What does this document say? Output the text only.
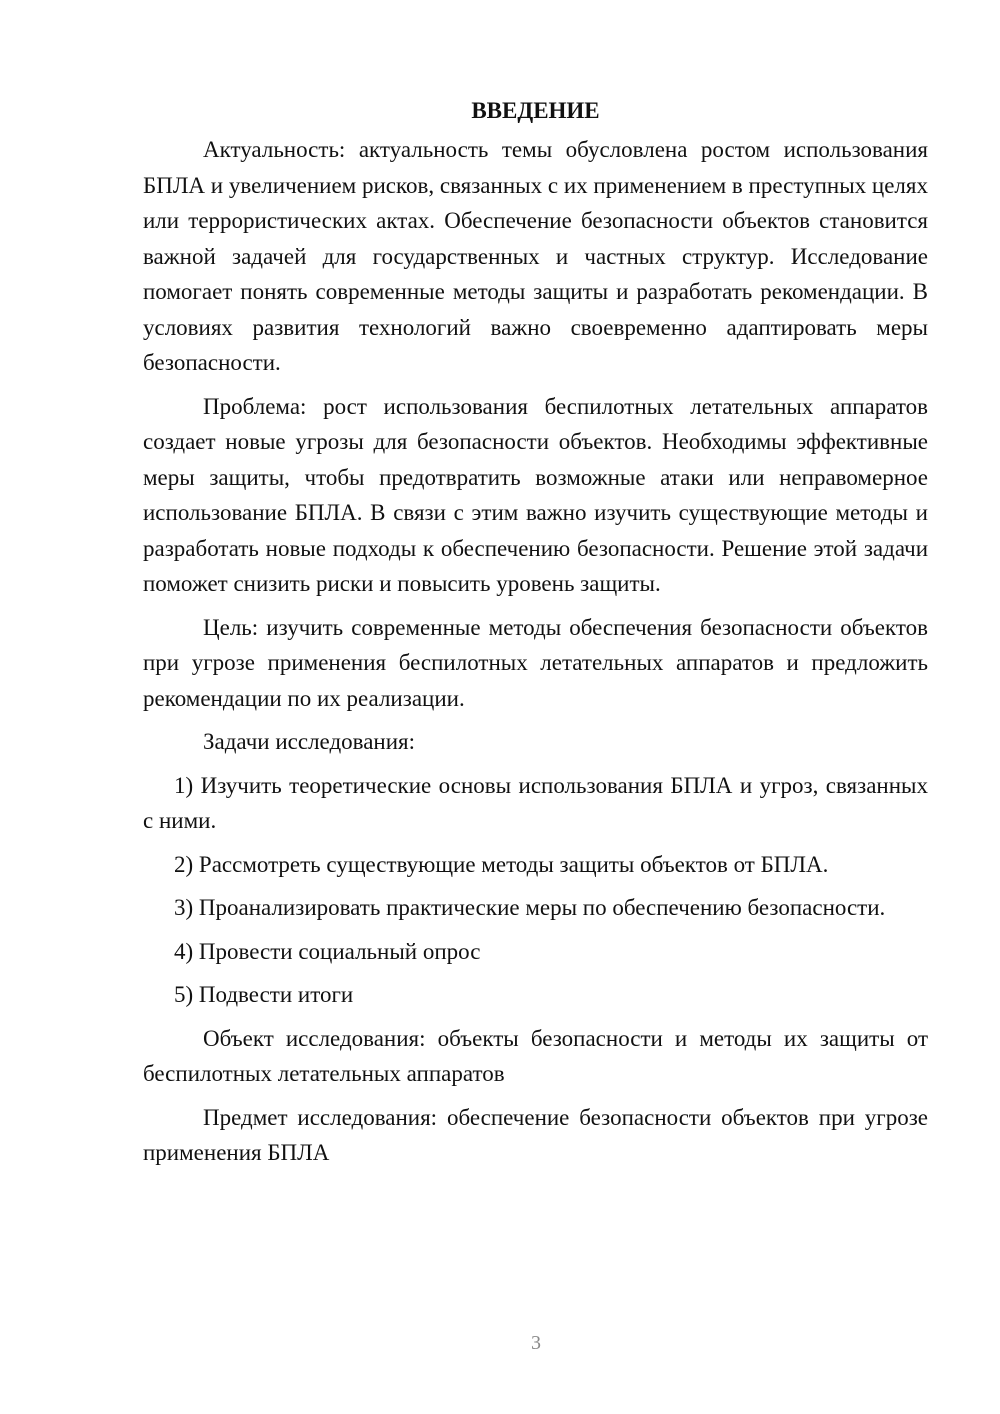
ВВЕДЕНИЕ

Актуальность: актуальность темы обусловлена ростом использования БПЛА и увеличением рисков, связанных с их применением в преступных целях или террористических актах. Обеспечение безопасности объектов становится важной задачей для государственных и частных структур. Исследование помогает понять современные методы защиты и разработать рекомендации. В условиях развития технологий важно своевременно адаптировать меры безопасности.

Проблема: рост использования беспилотных летательных аппаратов создает новые угрозы для безопасности объектов. Необходимы эффективные меры защиты, чтобы предотвратить возможные атаки или неправомерное использование БПЛА. В связи с этим важно изучить существующие методы и разработать новые подходы к обеспечению безопасности. Решение этой задачи поможет снизить риски и повысить уровень защиты.

Цель: изучить современные методы обеспечения безопасности объектов при угрозе применения беспилотных летательных аппаратов и предложить рекомендации по их реализации.

Задачи исследования:

1) Изучить теоретические основы использования БПЛА и угроз, связанных с ними.

2) Рассмотреть существующие методы защиты объектов от БПЛА.

3) Проанализировать практические меры по обеспечению безопасности.

4) Провести социальный опрос

5) Подвести итоги

Объект исследования: объекты безопасности и методы их защиты от беспилотных летательных аппаратов

Предмет исследования: обеспечение безопасности объектов при угрозе применения БПЛА

3
